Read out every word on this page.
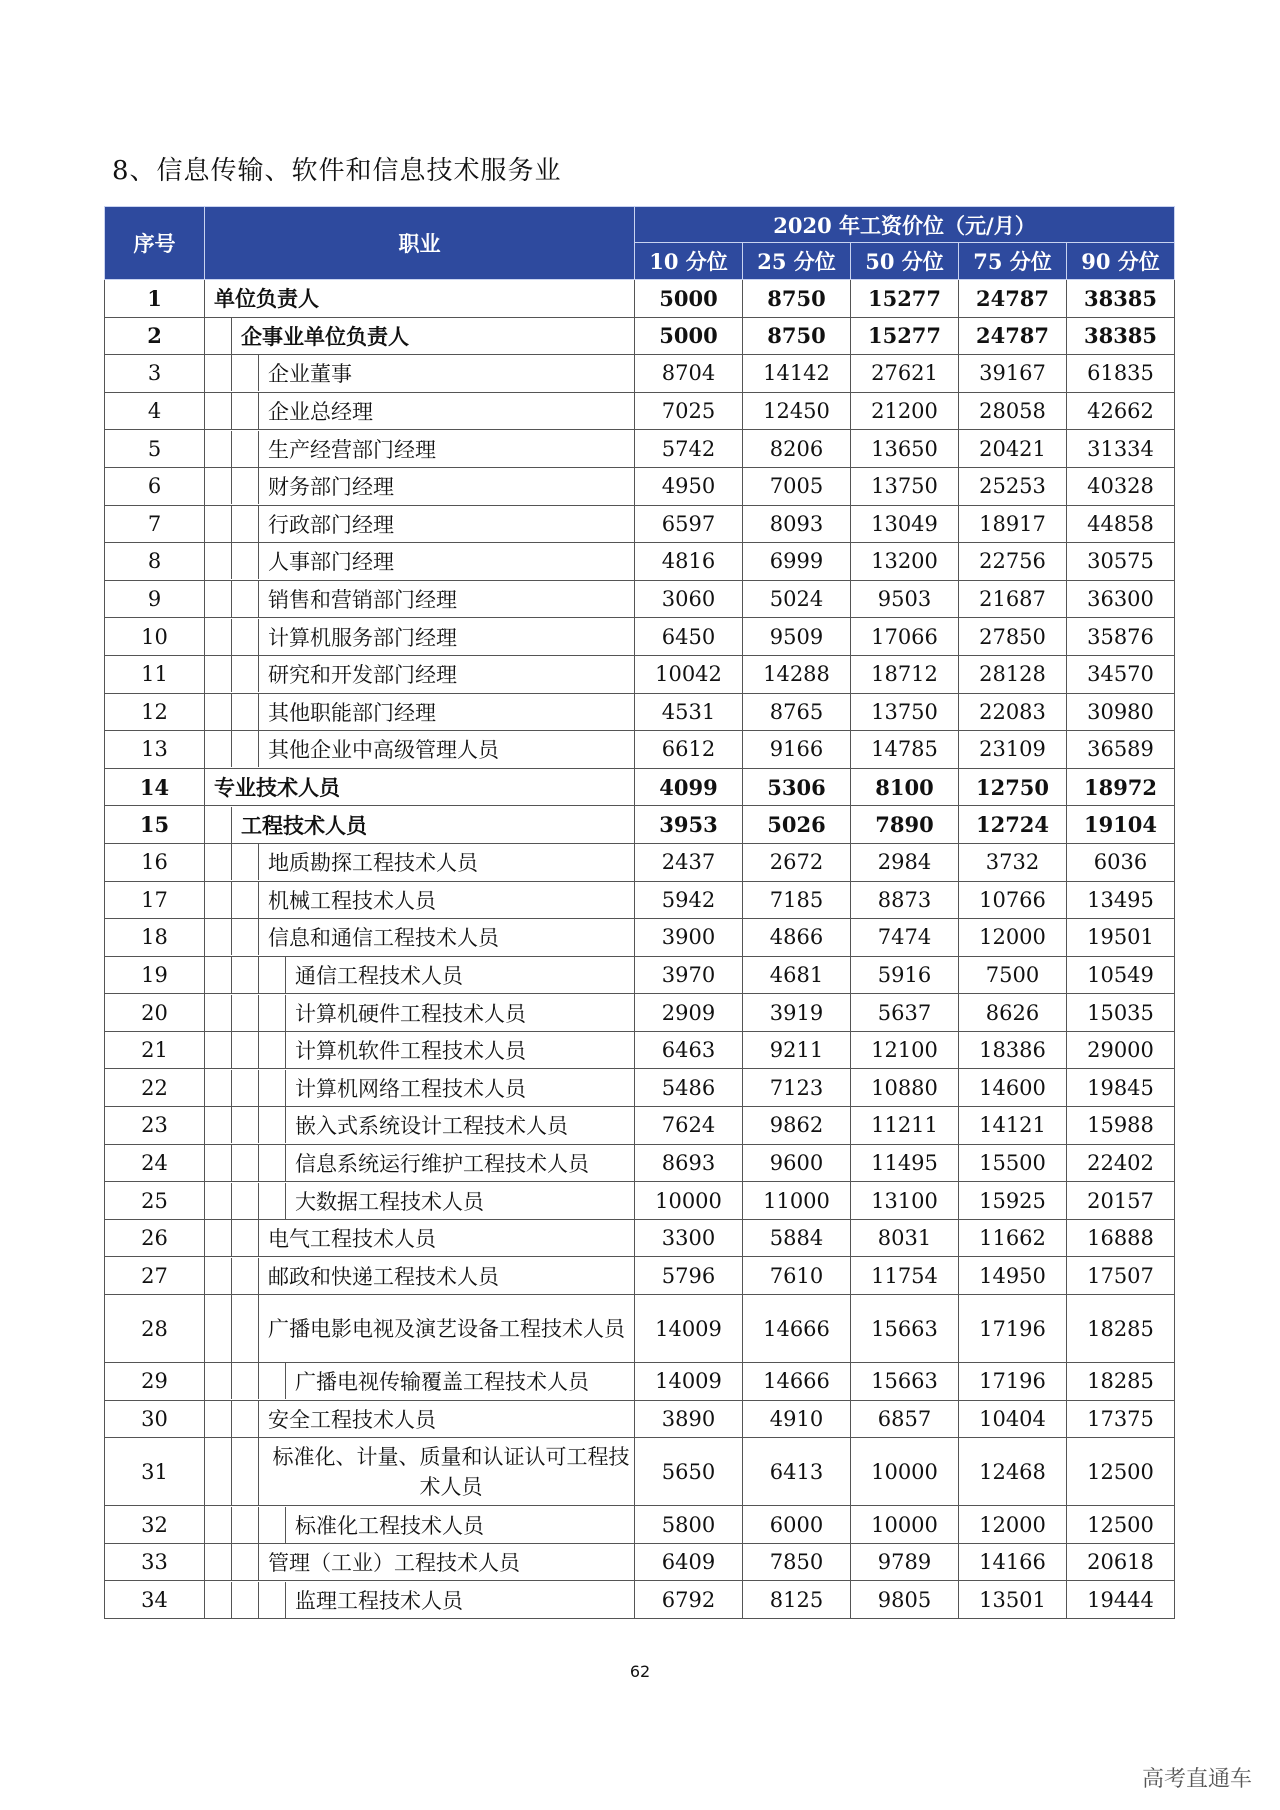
8、信息传输、软件和信息技术服务业
序号	职业	2020 年工资价位（元/月）				
		10 分位	25 分位	50 分位	75 分位	90 分位
1	单位负责人	5000	8750	15277	24787	38385
2	企事业单位负责人	5000	8750	15277	24787	38385
3	企业董事	8704	14142	27621	39167	61835
4	企业总经理	7025	12450	21200	28058	42662
5	生产经营部门经理	5742	8206	13650	20421	31334
6	财务部门经理	4950	7005	13750	25253	40328
7	行政部门经理	6597	8093	13049	18917	44858
8	人事部门经理	4816	6999	13200	22756	30575
9	销售和营销部门经理	3060	5024	9503	21687	36300
10	计算机服务部门经理	6450	9509	17066	27850	35876
11	研究和开发部门经理	10042	14288	18712	28128	34570
12	其他职能部门经理	4531	8765	13750	22083	30980
13	其他企业中高级管理人员	6612	9166	14785	23109	36589
14	专业技术人员	4099	5306	8100	12750	18972
15	工程技术人员	3953	5026	7890	12724	19104
16	地质勘探工程技术人员	2437	2672	2984	3732	6036
17	机械工程技术人员	5942	7185	8873	10766	13495
18	信息和通信工程技术人员	3900	4866	7474	12000	19501
19	通信工程技术人员	3970	4681	5916	7500	10549
20	计算机硬件工程技术人员	2909	3919	5637	8626	15035
21	计算机软件工程技术人员	6463	9211	12100	18386	29000
22	计算机网络工程技术人员	5486	7123	10880	14600	19845
23	嵌入式系统设计工程技术人员	7624	9862	11211	14121	15988
24	信息系统运行维护工程技术人员	8693	9600	11495	15500	22402
25	大数据工程技术人员	10000	11000	13100	15925	20157
26	电气工程技术人员	3300	5884	8031	11662	16888
27	邮政和快递工程技术人员	5796	7610	11754	14950	17507
28	广播电影电视及演艺设备工程技术人员	14009	14666	15663	17196	18285
29	广播电视传输覆盖工程技术人员	14009	14666	15663	17196	18285
30	安全工程技术人员	3890	4910	6857	10404	17375
31	标准化、计量、质量和认证认可工程技术人员	5650	6413	10000	12468	12500
32	标准化工程技术人员	5800	6000	10000	12000	12500
33	管理（工业）工程技术人员	6409	7850	9789	14166	20618
34	监理工程技术人员	6792	8125	9805	13501	19444
62
高考直通车
